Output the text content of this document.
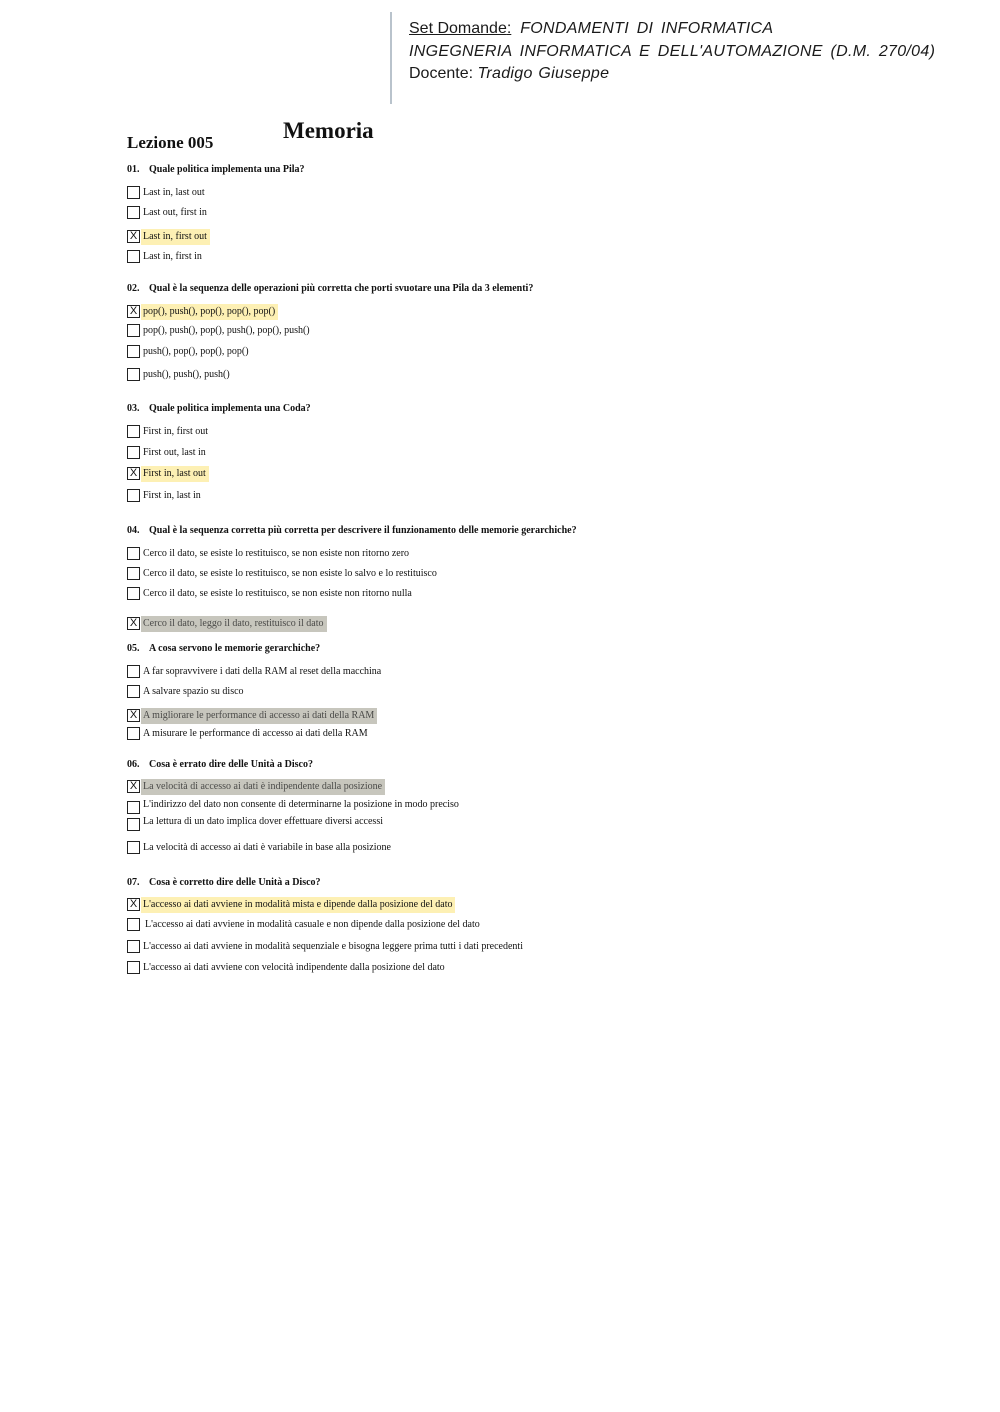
Set Domande: FONDAMENTI DI INFORMATICA
INGEGNERIA INFORMATICA E DELL'AUTOMAZIONE (D.M. 270/04)
Docente: Tradigo Giuseppe
Lezione 005	Memoria
01. Quale politica implementa una Pila?
Last in, last out
Last out, first in
X Last in, first out
Last in, first in
02. Qual è la sequenza delle operazioni più corretta che porti svuotare una Pila da 3 elementi?
X pop(), push(), pop(), pop(), pop()
pop(), push(), pop(), push(), pop(), push()
push(), pop(), pop(), pop()
push(), push(), push()
03. Quale politica implementa una Coda?
First in, first out
First out, last in
X First in, last out
First in, last in
04. Qual è la sequenza corretta più corretta per descrivere il funzionamento delle memorie gerarchiche?
Cerco il dato, se esiste lo restituisco, se non esiste non ritorno zero
Cerco il dato, se esiste lo restituisco, se non esiste lo salvo e lo restituisco
Cerco il dato, se esiste lo restituisco, se non esiste non ritorno nulla
X Cerco il dato, leggo il dato, restituisco il dato
05. A cosa servono le memorie gerarchiche?
A far sopravvivere i dati della RAM al reset della macchina
A salvare spazio su disco
X A migliorare le performance di accesso ai dati della RAM
A misurare le performance di accesso ai dati della RAM
06. Cosa è errato dire delle Unità a Disco?
X La velocità di accesso ai dati è indipendente dalla posizione
L'indirizzo del dato non consente di determinarne la posizione in modo preciso
La lettura di un dato implica dover effettuare diversi accessi
La velocità di accesso ai dati è variabile in base alla posizione
07. Cosa è corretto dire delle Unità a Disco?
X L'accesso ai dati avviene in modalità mista e dipende dalla posizione del dato
L'accesso ai dati avviene in modalità casuale e non dipende dalla posizione del dato
L'accesso ai dati avviene in modalità sequenziale e bisogna leggere prima tutti i dati precedenti
L'accesso ai dati avviene con velocità indipendente dalla posizione del dato
